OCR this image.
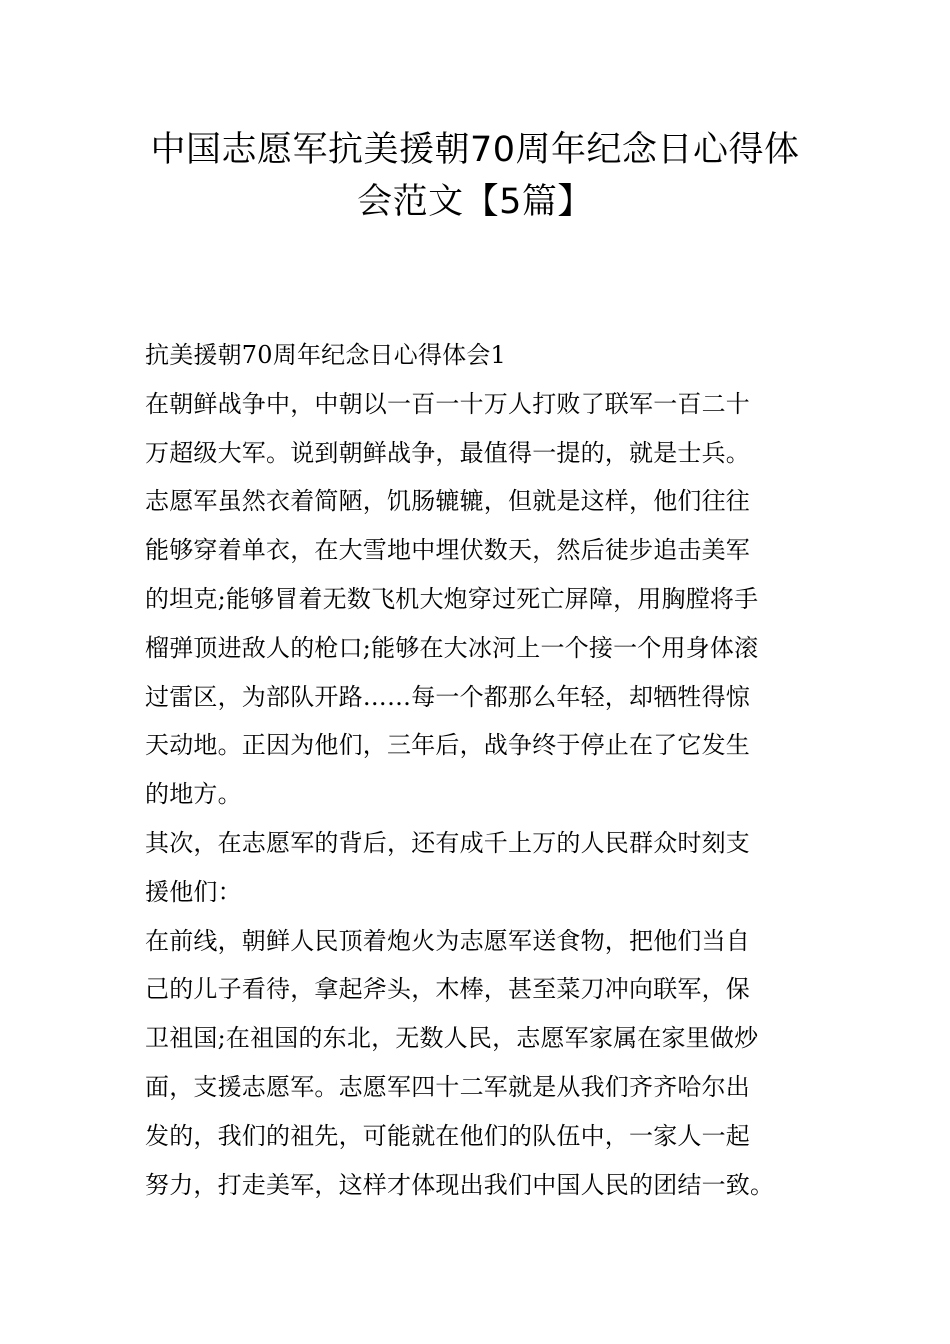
中国志愿军抗美援朝70周年纪念日心得体
会范文【5篇】
抗美援朝70周年纪念日心得体会1
在朝鲜战争中，中朝以一百一十万人打败了联军一百二十
万超级大军。说到朝鲜战争，最值得一提的，就是士兵。
志愿军虽然衣着简陋，饥肠辘辘，但就是这样，他们往往
能够穿着单衣，在大雪地中埋伏数天，然后徒步追击美军
的坦克;能够冒着无数飞机大炮穿过死亡屏障，用胸膛将手
榴弹顶进敌人的枪口;能够在大冰河上一个接一个用身体滚
过雷区，为部队开路……每一个都那么年轻，却牺牲得惊
天动地。正因为他们，三年后，战争终于停止在了它发生
的地方。
其次，在志愿军的背后，还有成千上万的人民群众时刻支
援他们：
在前线，朝鲜人民顶着炮火为志愿军送食物，把他们当自
己的儿子看待，拿起斧头，木棒，甚至菜刀冲向联军，保
卫祖国;在祖国的东北，无数人民，志愿军家属在家里做炒
面，支援志愿军。志愿军四十二军就是从我们齐齐哈尔出
发的，我们的祖先，可能就在他们的队伍中，一家人一起
努力，打走美军，这样才体现出我们中国人民的团结一致。
